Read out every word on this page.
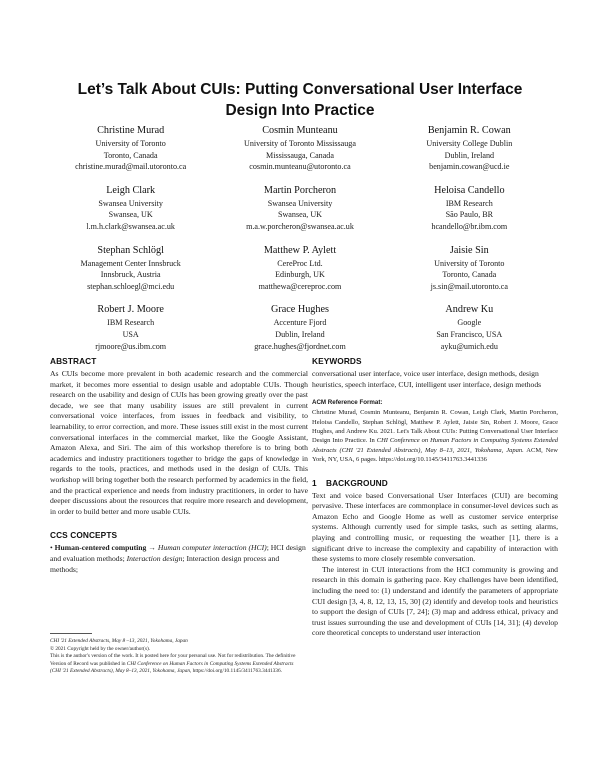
Let’s Talk About CUIs: Putting Conversational User Interface Design Into Practice
Christine Murad
University of Toronto
Toronto, Canada
christine.murad@mail.utoronto.ca
Cosmin Munteanu
University of Toronto Mississauga
Mississauga, Canada
cosmin.munteanu@utoronto.ca
Benjamin R. Cowan
University College Dublin
Dublin, Ireland
benjamin.cowan@ucd.ie
Leigh Clark
Swansea University
Swansea, UK
l.m.h.clark@swansea.ac.uk
Martin Porcheron
Swansea University
Swansea, UK
m.a.w.porcheron@swansea.ac.uk
Heloisa Candello
IBM Research
São Paulo, BR
hcandello@br.ibm.com
Stephan Schlögl
Management Center Innsbruck
Innsbruck, Austria
stephan.schloegl@mci.edu
Matthew P. Aylett
CereProc Ltd.
Edinburgh, UK
matthewa@cereproc.com
Jaisie Sin
University of Toronto
Toronto, Canada
js.sin@mail.utoronto.ca
Robert J. Moore
IBM Research
USA
rjmoore@us.ibm.com
Grace Hughes
Accenture Fjord
Dublin, Ireland
grace.hughes@fjordnet.com
Andrew Ku
Google
San Francisco, USA
ayku@umich.edu
ABSTRACT

As CUIs become more prevalent in both academic research and the commercial market, it becomes more essential to design usable and adoptable CUIs. Though research on the usability and design of CUIs has been growing greatly over the past decade, we see that many usability issues are still prevalent in current conversational voice interfaces, from issues in feedback and visibility, to learnability, to error correction, and more. These issues still exist in the most current conversational interfaces in the commercial market, like the Google Assistant, Amazon Alexa, and Siri. The aim of this workshop therefore is to bring both academics and industry practitioners together to bridge the gaps of knowledge in regards to the tools, practices, and methods used in the design of CUIs. This workshop will bring together both the research performed by academics in the field, and the practical experience and needs from industry practitioners, in order to have deeper discussions about the resources that require more research and development, in order to build better and more usable CUIs.

CCS CONCEPTS

• Human-centered computing → Human computer interaction (HCI); HCI design and evaluation methods; Interaction design; Interaction design process and methods;

CHI '21 Extended Abstracts, May 8 –13, 2021, Yokohama, Japan

© 2021 Copyright held by the owner/author(s).

This is the author's version of the work. It is posted here for your personal use. Not for redistribution. The definitive Version of Record was published in CHI Conference on Human Factors in Computing Systems Extended Abstracts (CHI '21 Extended Abstracts), May 8–13, 2021, Yokohama, Japan, https://doi.org/10.1145/3411763.3441336.

KEYWORDS

conversational user interface, voice user interface, design methods, design heuristics, speech interface, CUI, intelligent user interface, design methods

ACM Reference Format:

Christine Murad, Cosmin Munteanu, Benjamin R. Cowan, Leigh Clark, Martin Porcheron, Heloisa Candello, Stephan Schlögl, Matthew P. Aylett, Jaisie Sin, Robert J. Moore, Grace Hughes, and Andrew Ku. 2021. Let's Talk About CUIs: Putting Conversational User Interface Design Into Practice. In CHI Conference on Human Factors in Computing Systems Extended Abstracts (CHI '21 Extended Abstracts), May 8–13, 2021, Yokohama, Japan. ACM, New York, NY, USA, 6 pages. https://doi.org/10.1145/3411763.3441336

1 BACKGROUND

Text and voice based Conversational User Interfaces (CUI) are becoming pervasive. These interfaces are commonplace in consumer-level devices such as Amazon Echo and Google Home as well as customer service enterprise systems. Although currently used for simple tasks, such as setting alarms, playing and controlling music, or requesting the weather [1], there is a significant drive to increase the complexity and capability of interaction with these systems to more closely resemble conversation.

The interest in CUI interactions from the HCI community is growing and research in this domain is gathering pace. Key challenges have been identified, including the need to: (1) understand and identify the parameters of appropriate CUI design [3, 4, 8, 12, 13, 15, 30] (2) identify and develop tools and heuristics to support the design of CUIs [7, 24]; (3) map and address ethical, privacy and trust issues surrounding the use and development of CUIs [14, 31]; (4) develop core theoretical concepts to understand user interaction
